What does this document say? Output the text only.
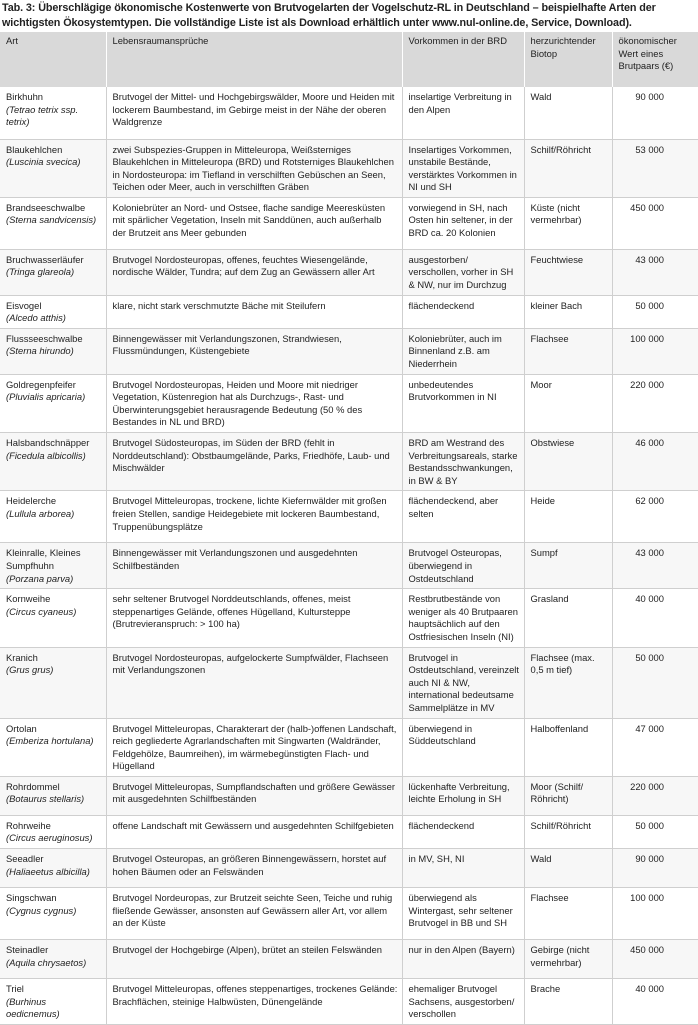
Tab. 3: Überschlägige ökonomische Kostenwerte von Brutvogelarten der Vogelschutz-RL in Deutschland – beispielhafte Arten der wichtigsten Ökosystemtypen. Die vollständige Liste ist als Download erhältlich unter www.nul-online.de, Service, Download).
Art	Lebensraumansprüche	Vorkommen in der BRD	herzurichtender Biotop	ökonomischer Wert eines Brutpaars (€)

Birkhuhn
(Tetrao tetrix ssp. tetrix)	Brutvogel der Mittel- und Hochgebirgswälder, Moore und Heiden mit lockerem Baumbestand, im Gebirge meist in der Nähe der oberen Waldgrenze	inselartige Verbreitung in den Alpen	Wald	90 000

Blaukehlchen
(Luscinia svecica)	zwei Subspezies-Gruppen in Mitteleuropa, Weißsterniges Blaukehlchen in Mitteleuropa (BRD) und Rotsterniges Blaukehlchen in Nordosteuropa: im Tiefland in verschilften Gebüschen an Seen, Teichen oder Meer, auch in verschilften Gräben	Inselartiges Vorkommen, unstabile Bestände, verstärktes Vorkommen in NI und SH	Schilf/Röhricht	53 000

Brandseeschwalbe
(Sterna sandvicensis)	Koloniebrüter an Nord- und Ostsee, flache sandige Meeresküsten mit spärlicher Vegetation, Inseln mit Sanddünen, auch außerhalb der Brutzeit ans Meer gebunden	vorwiegend in SH, nach Osten hin seltener, in der BRD ca. 20 Kolonien	Küste (nicht vermehrbar)	450 000

Bruchwasserläufer
(Tringa glareola)	Brutvogel Nordosteuropas, offenes, feuchtes Wiesengelände, nordische Wälder, Tundra; auf dem Zug an Gewässern aller Art	ausgestorben/ verschollen, vorher in SH & NW, nur im Durchzug	Feuchtwiese	43 000

Eisvogel
(Alcedo atthis)	klare, nicht stark verschmutzte Bäche mit Steilufern	flächendeckend	kleiner Bach	50 000

Flussseeschwalbe
(Sterna hirundo)	Binnengewässer mit Verlandungszonen, Strandwiesen, Flussmündungen, Küstengebiete	Koloniebrüter, auch im Binnenland z.B. am Niederrhein	Flachsee	100 000

Goldregenpfeifer
(Pluvialis apricaria)	Brutvogel Nordosteuropas, Heiden und Moore mit niedriger Vegetation, Küstenregion hat als Durchzugs-, Rast- und Überwinterungsgebiet herausragende Bedeutung (50 % des Bestandes in NL und BRD)	unbedeutendes Brutvorkommen in NI	Moor	220 000

Halsbandschnäpper
(Ficedula albicollis)	Brutvogel Südosteuropas, im Süden der BRD (fehlt in Norddeutschland): Obstbaumgelände, Parks, Friedhöfe, Laub- und Mischwälder	BRD am Westrand des Verbreitungsareals, starke Bestandsschwankungen, in BW & BY	Obstwiese	46 000

Heidelerche
(Lullula arborea)	Brutvogel Mitteleuropas, trockene, lichte Kiefernwälder mit großen freien Stellen, sandige Heidegebiete mit lockeren Baumbestand, Truppenübungsplätze	flächendeckend, aber selten	Heide	62 000

Kleinralle, Kleines Sumpfhuhn
(Porzana parva)	Binnengewässer mit Verlandungszonen und ausgedehnten Schilfbeständen	Brutvogel Osteuropas, überwiegend in Ostdeutschland	Sumpf	43 000

Kornweihe
(Circus cyaneus)	sehr seltener Brutvogel Norddeutschlands, offenes, meist steppenartiges Gelände, offenes Hügelland, Kultursteppe (Brutrevieranspruch: > 100 ha)	Restbrutbestände von weniger als 40 Brutpaaren hauptsächlich auf den Ostfriesischen Inseln (NI)	Grasland	40 000

Kranich
(Grus grus)	Brutvogel Nordosteuropas, aufgelockerte Sumpfwälder, Flachseen mit Verlandungszonen	Brutvogel in Ostdeutschland, vereinzelt auch NI & NW, international bedeutsame Sammelplätze in MV	Flachsee (max. 0,5 m tief)	50 000

Ortolan
(Emberiza hortulana)	Brutvogel Mitteleuropas, Charakterart der (halb-)offenen Landschaft, reich gegliederte Agrarlandschaften mit Singwarten (Waldränder, Feldgehölze, Baumreihen), im wärmebegünstigten Flach- und Hügelland	überwiegend in Süddeutschland	Halboffenland	47 000

Rohrdommel
(Botaurus stellaris)	Brutvogel Mitteleuropas, Sumpflandschaften und größere Gewässer mit ausgedehnten Schilfbeständen	lückenhafte Verbreitung, leichte Erholung in SH	Moor (Schilf/ Röhricht)	220 000

Rohrweihe
(Circus aeruginosus)	offene Landschaft mit Gewässern und ausgedehnten Schilfgebieten	flächendeckend	Schilf/Röhricht	50 000

Seeadler
(Haliaeetus albicilla)	Brutvogel Osteuropas, an größeren Binnengewässern, horstet auf hohen Bäumen oder an Felswänden	in MV, SH, NI	Wald	90 000

Singschwan
(Cygnus cygnus)	Brutvogel Nordeuropas, zur Brutzeit seichte Seen, Teiche und ruhig fließende Gewässer, ansonsten auf Gewässern aller Art, vor allem an der Küste	überwiegend als Wintergast, sehr seltener Brutvogel in BB und SH	Flachsee	100 000

Steinadler
(Aquila chrysaetos)	Brutvogel der Hochgebirge (Alpen), brütet an steilen Felswänden	nur in den Alpen (Bayern)	Gebirge (nicht vermehrbar)	450 000

Triel
(Burhinus oedicnemus)	Brutvogel Mitteleuropas, offenes steppenartiges, trockenes Gelände: Brachflächen, steinige Halbwüsten, Dünengelände	ehemaliger Brutvogel Sachsens, ausgestorben/ verschollen	Brache	40 000
